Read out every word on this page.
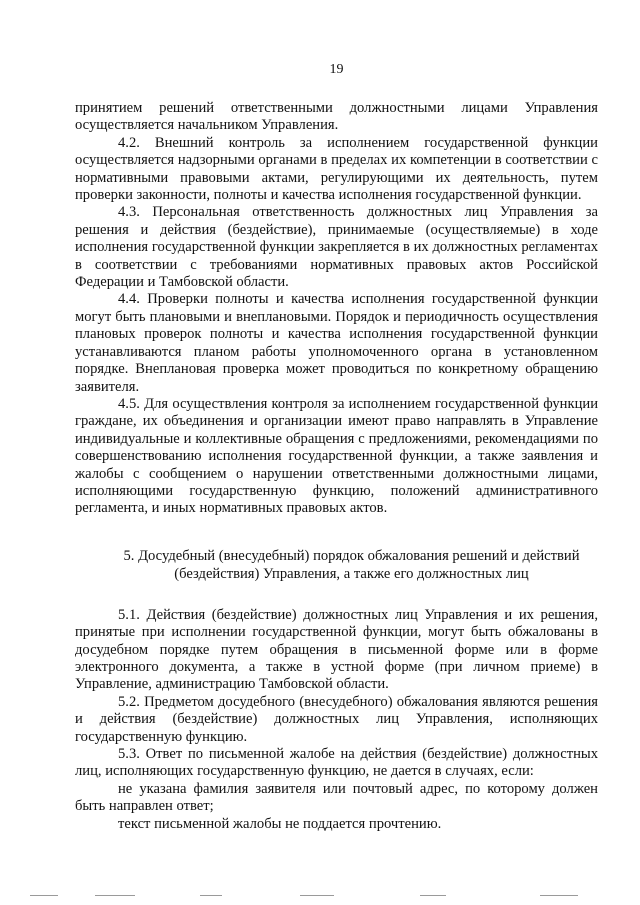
19

принятием решений ответственными должностными лицами Управления осуществляется начальником Управления.

4.2. Внешний контроль за исполнением государственной функции осуществляется надзорными органами в пределах их компетенции в соответствии с нормативными правовыми актами, регулирующими их деятельность, путем проверки законности, полноты и качества исполнения государственной функции.

4.3. Персональная ответственность должностных лиц Управления за решения и действия (бездействие), принимаемые (осуществляемые) в ходе исполнения государственной функции закрепляется в их должностных регламентах в соответствии с требованиями нормативных правовых актов Российской Федерации и Тамбовской области.

4.4. Проверки полноты и качества исполнения государственной функции могут быть плановыми и внеплановыми. Порядок и периодичность осуществления плановых проверок полноты и качества исполнения государственной функции устанавливаются планом работы уполномоченного органа в установленном порядке. Внеплановая проверка может проводиться по конкретному обращению заявителя.

4.5. Для осуществления контроля за исполнением государственной функции граждане, их объединения и организации имеют право направлять в Управление индивидуальные и коллективные обращения с предложениями, рекомендациями по совершенствованию исполнения государственной функции, а также заявления и жалобы с сообщением о нарушении ответственными должностными лицами, исполняющими государственную функцию, положений административного регламента, и иных нормативных правовых актов.

5. Досудебный (внесудебный) порядок обжалования решений и действий
(бездействия) Управления, а также его должностных лиц

5.1. Действия (бездействие) должностных лиц Управления и их решения, принятые при исполнении государственной функции, могут быть обжалованы в досудебном порядке путем обращения в письменной форме или в форме электронного документа, а также в устной форме (при личном приеме) в Управление, администрацию Тамбовской области.

5.2. Предметом досудебного (внесудебного) обжалования являются решения и действия (бездействие) должностных лиц Управления, исполняющих государственную функцию.

5.3. Ответ по письменной жалобе на действия (бездействие) должностных лиц, исполняющих государственную функцию, не дается в случаях, если:

не указана фамилия заявителя или почтовый адрес, по которому должен быть направлен ответ;

текст письменной жалобы не поддается прочтению.
